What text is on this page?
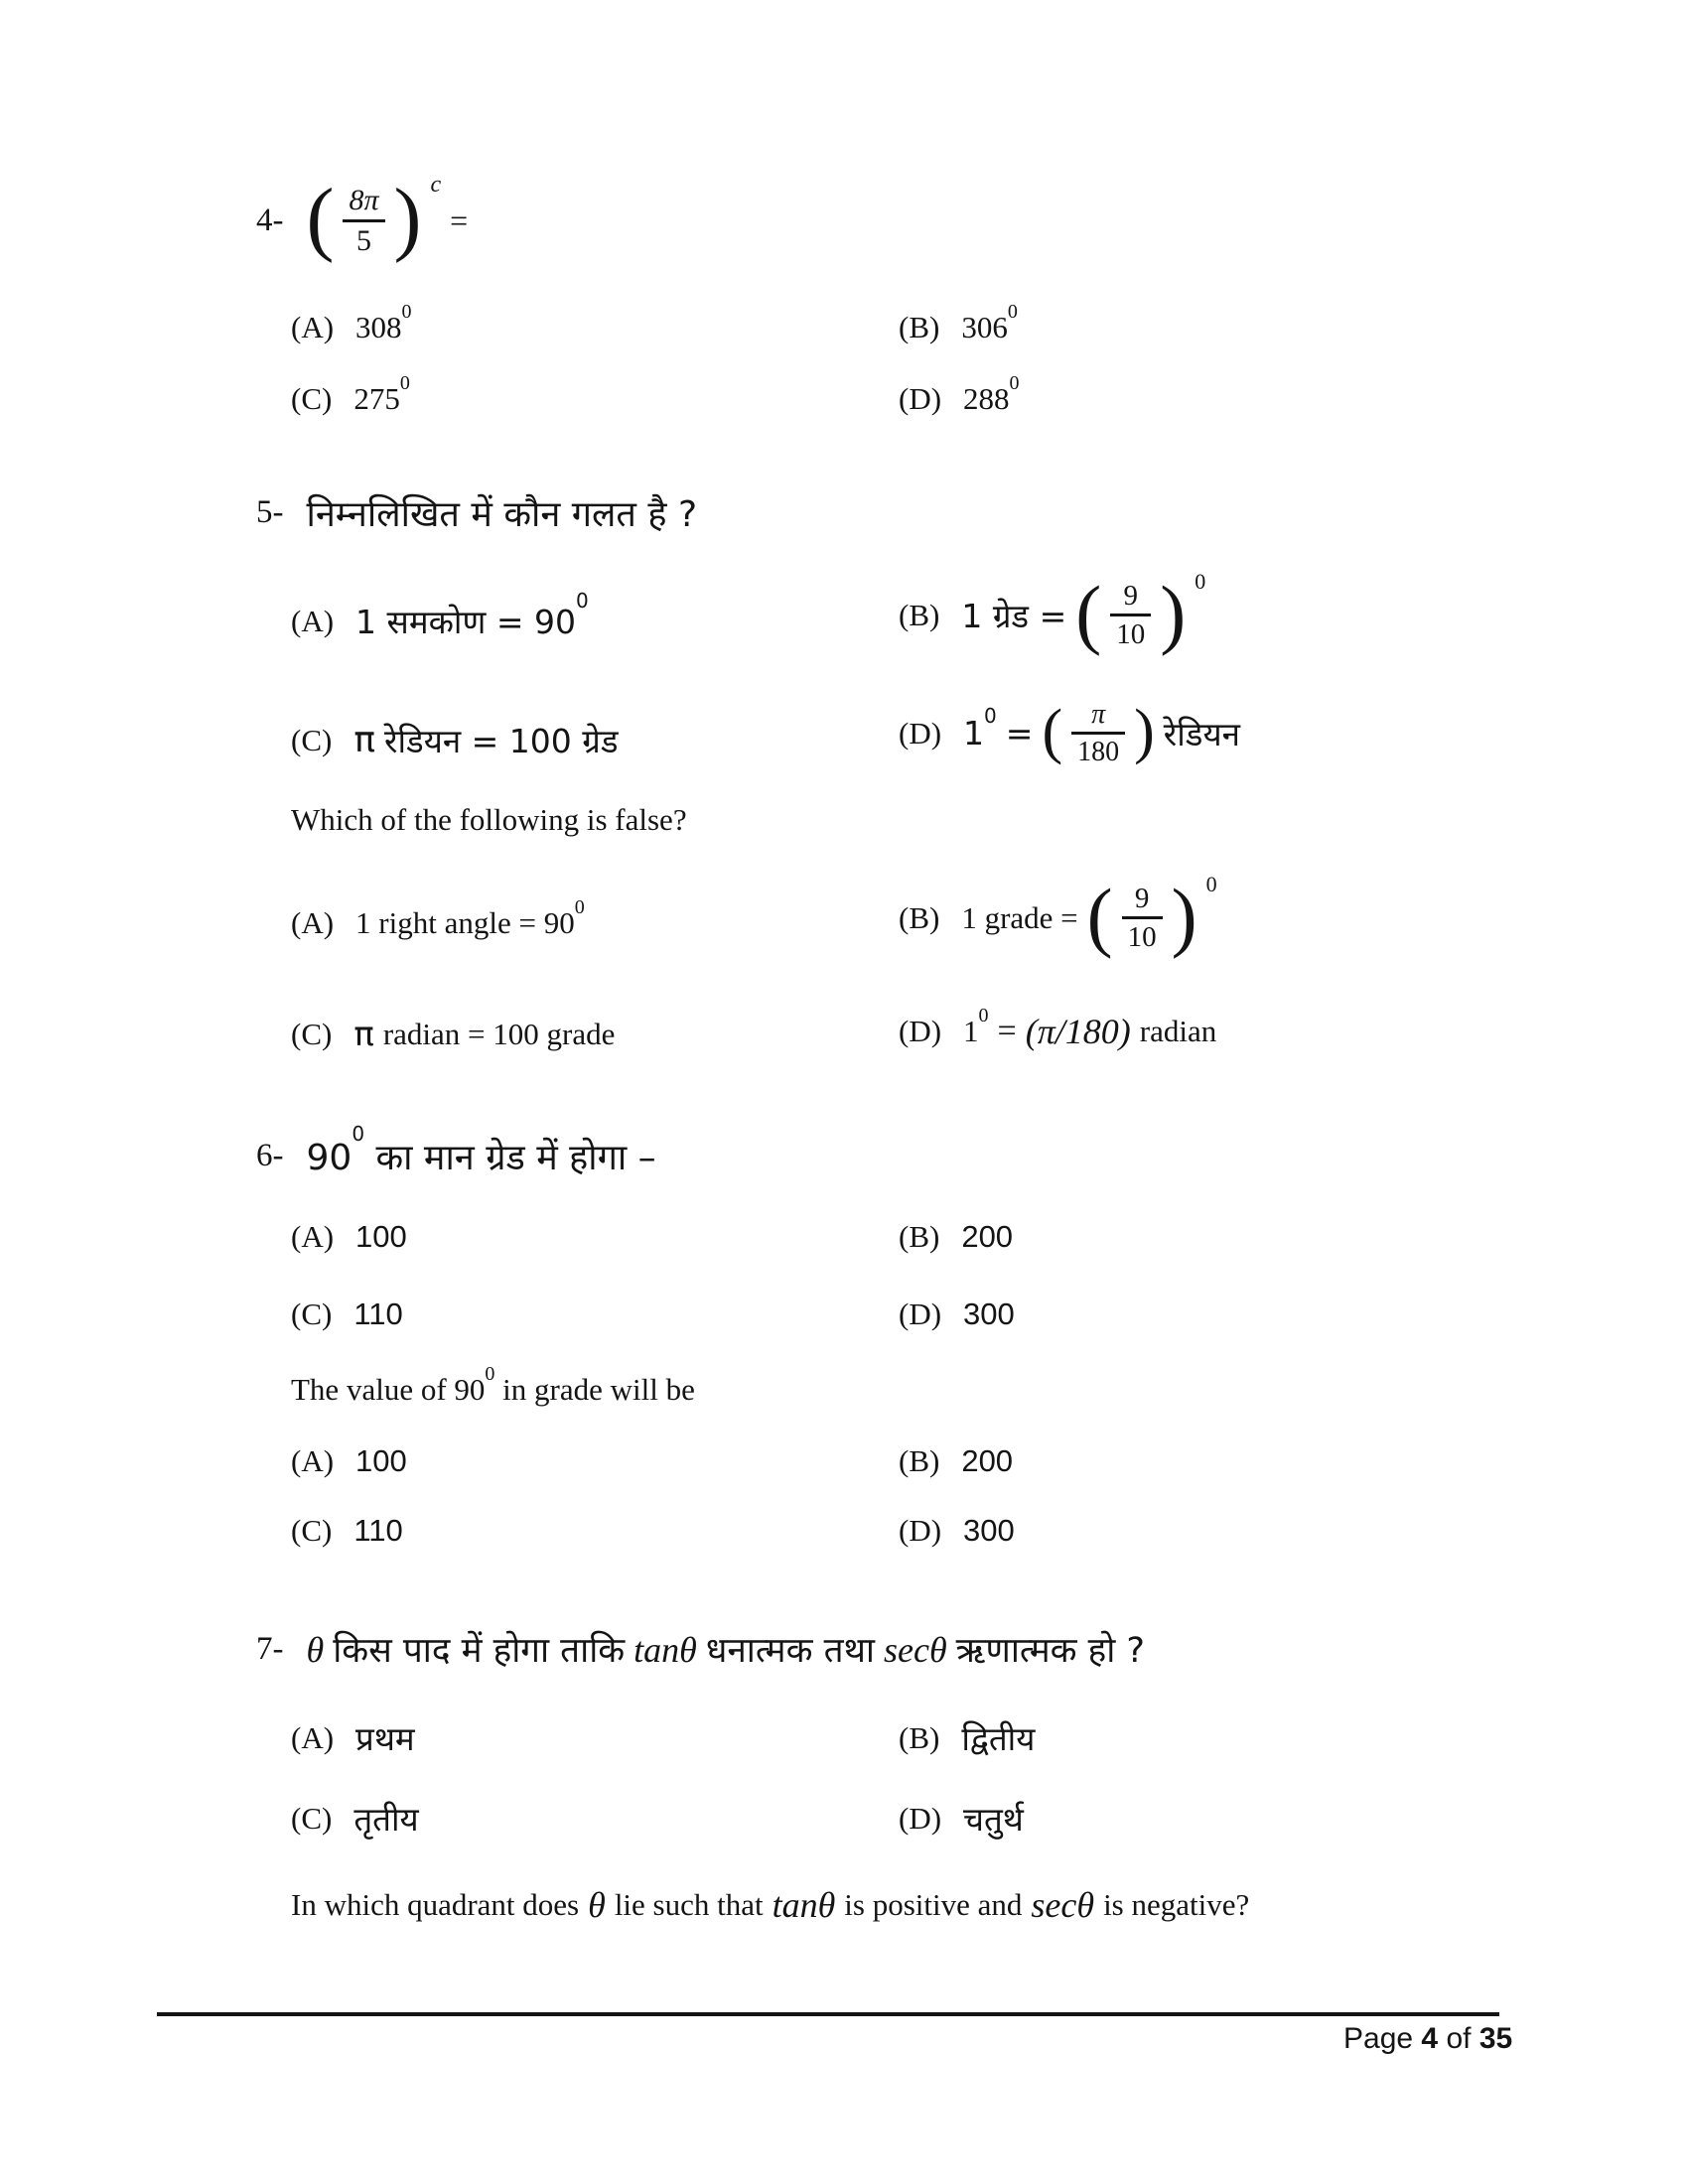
4- ( $\frac{8\pi}{5}$ ) c
=
(A) $308^0$	(B) $306^0$
(C) $275^0$	(D) $288^0$
5- निम्नलिखित में कौन गलत है ?
(A) 1 समकोण = $90^0$	(B) 1 ग्रेड = ( $\frac{9}{10}$ ) 0
(C) π रेडियन = 100 ग्रेड	(D) $1^0$ = ( $\frac{\pi}{180}$ ) रेडियन
Which of the following is false?
(A) 1 right angle = $90^0$	(B) 1 grade = ( $\frac{9}{10}$ ) 0
(C) π radian = 100 grade	(D) $1^0 = (\pi/180)$ radian
6- $90^0$ का मान ग्रेड में होगा –
(A) 100	(B) 200
(C) 110	(D) 300
The value of $90^0$ in grade will be
(A) 100	(B) 200
(C) 110	(D) 300
7- θ किस पाद में होगा ताकि tanθ धनात्मक तथा secθ ऋणात्मक हो ?
(A) प्रथम	(B) द्वितीय
(C) तृतीय	(D) चतुर्थ
In which quadrant does θ lie such that tanθ is positive and secθ is negative?
Page 4 of 35
